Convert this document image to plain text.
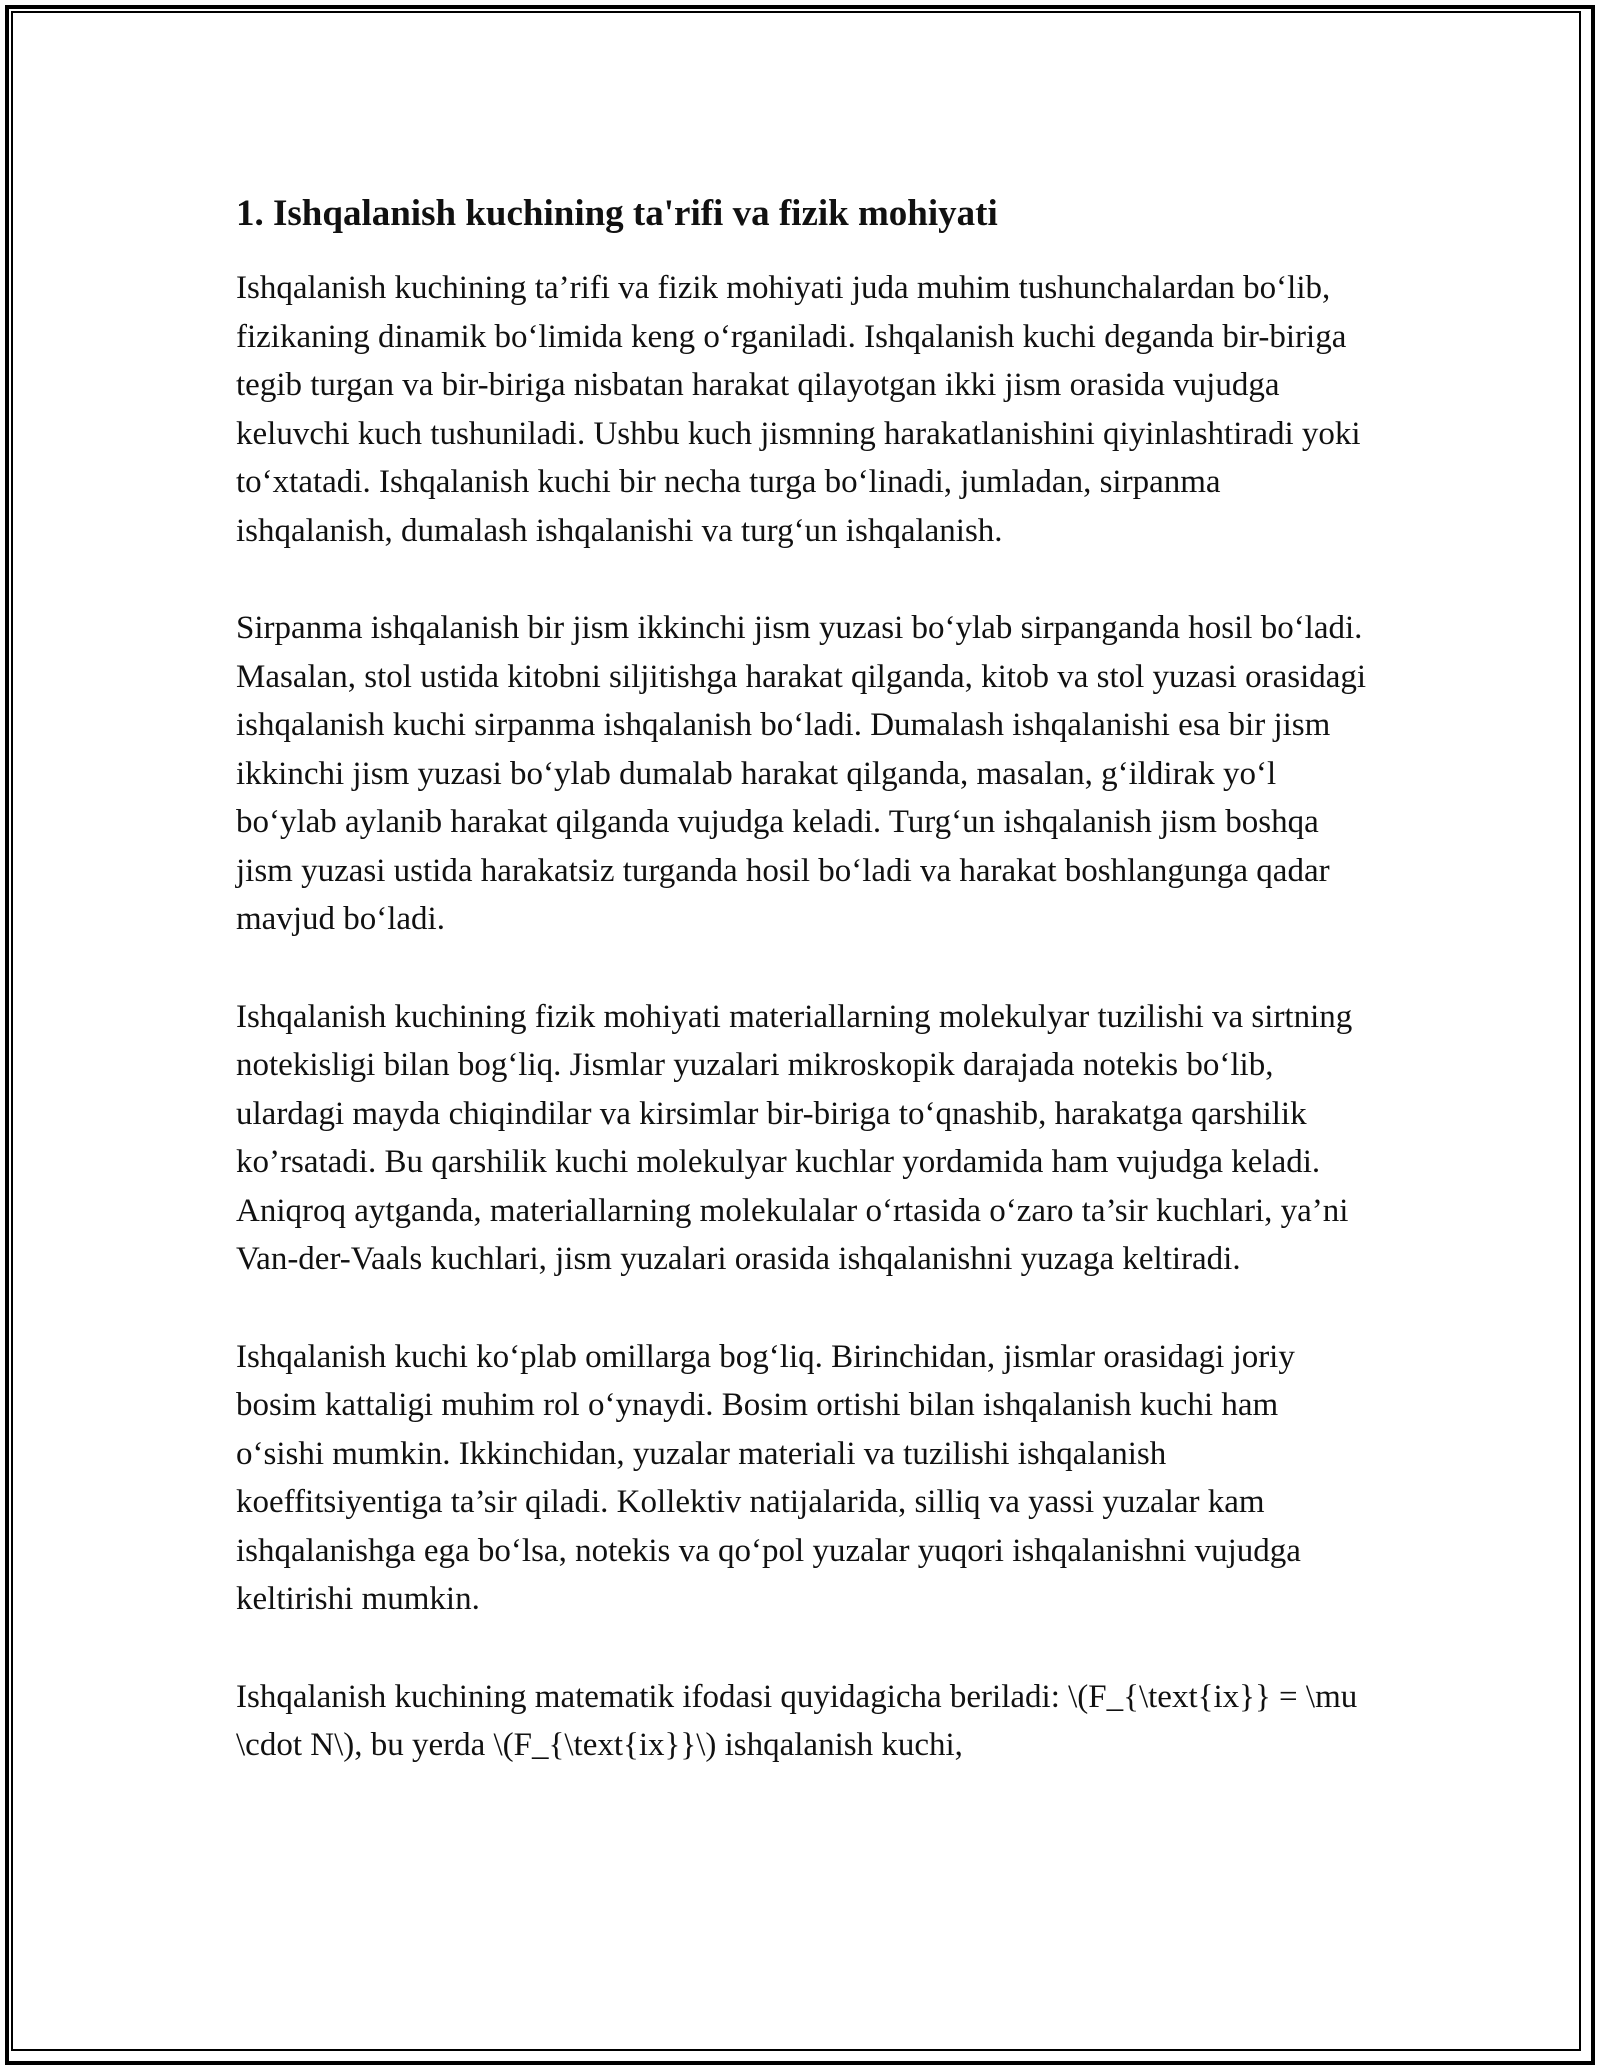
1. Ishqalanish kuchining ta'rifi va fizik mohiyati

Ishqalanish kuchining ta’rifi va fizik mohiyati juda muhim tushunchalardan bo‘lib, fizikaning dinamik bo‘limida keng o‘rganiladi. Ishqalanish kuchi deganda bir-biriga tegib turgan va bir-biriga nisbatan harakat qilayotgan ikki jism orasida vujudga keluvchi kuch tushuniladi. Ushbu kuch jismning harakatlanishini qiyinlashtiradi yoki to‘xtatadi. Ishqalanish kuchi bir necha turga bo‘linadi, jumladan, sirpanma ishqalanish, dumalash ishqalanishi va turg‘un ishqalanish.

Sirpanma ishqalanish bir jism ikkinchi jism yuzasi bo‘ylab sirpanganda hosil bo‘ladi. Masalan, stol ustida kitobni siljitishga harakat qilganda, kitob va stol yuzasi orasidagi ishqalanish kuchi sirpanma ishqalanish bo‘ladi. Dumalash ishqalanishi esa bir jism ikkinchi jism yuzasi bo‘ylab dumalab harakat qilganda, masalan, g‘ildirak yo‘l bo‘ylab aylanib harakat qilganda vujudga keladi. Turg‘un ishqalanish jism boshqa jism yuzasi ustida harakatsiz turganda hosil bo‘ladi va harakat boshlangunga qadar mavjud bo‘ladi.

Ishqalanish kuchining fizik mohiyati materiallarning molekulyar tuzilishi va sirtning notekisligi bilan bog‘liq. Jismlar yuzalari mikroskopik darajada notekis bo‘lib, ulardagi mayda chiqindilar va kirsimlar bir-biriga to‘qnashib, harakatga qarshilik ko’rsatadi. Bu qarshilik kuchi molekulyar kuchlar yordamida ham vujudga keladi. Aniqroq aytganda, materiallarning molekulalar o‘rtasida o‘zaro ta’sir kuchlari, ya’ni Van-der-Vaals kuchlari, jism yuzalari orasida ishqalanishni yuzaga keltiradi.

Ishqalanish kuchi ko‘plab omillarga bog‘liq. Birinchidan, jismlar orasidagi joriy bosim kattaligi muhim rol o‘ynaydi. Bosim ortishi bilan ishqalanish kuchi ham o‘sishi mumkin. Ikkinchidan, yuzalar materiali va tuzilishi ishqalanish koeffitsiyentiga ta’sir qiladi. Kollektiv natijalarida, silliq va yassi yuzalar kam ishqalanishga ega bo‘lsa, notekis va qo‘pol yuzalar yuqori ishqalanishni vujudga keltirishi mumkin.

Ishqalanish kuchining matematik ifodasi quyidagicha beriladi: \(F_{\text{ix}} = \mu \cdot N\), bu yerda \(F_{\text{ix}}\) ishqalanish kuchi,
